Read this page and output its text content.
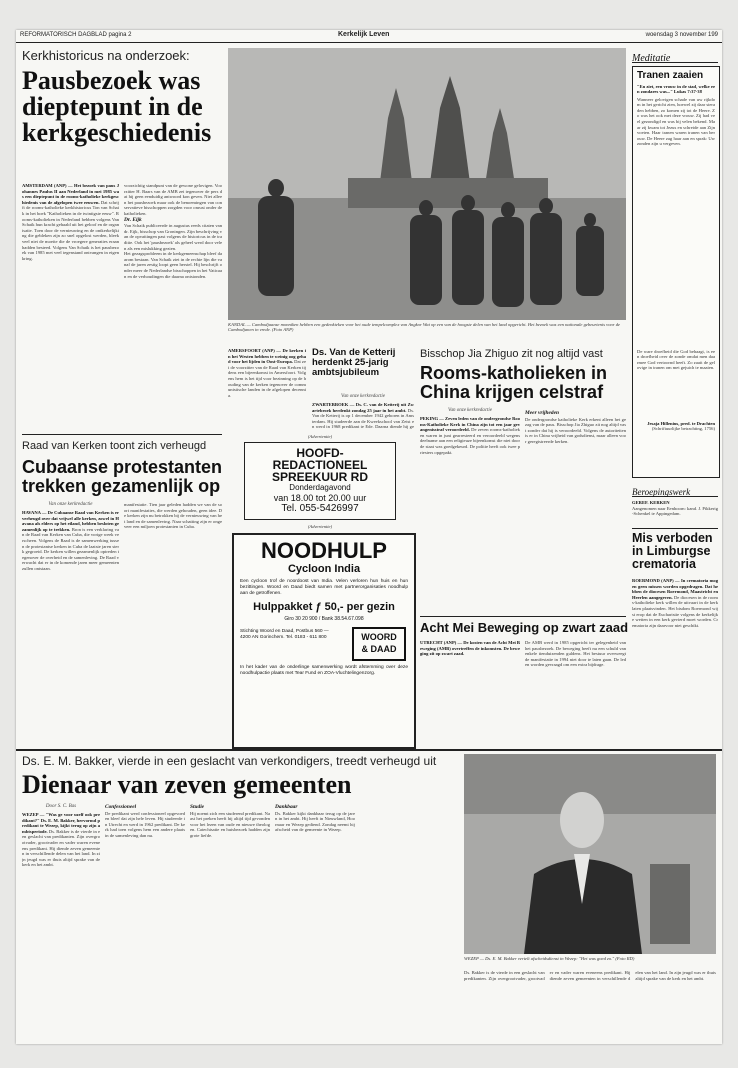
REFORMATORISCH DAGBLAD pagina 2	Kerkelijk Leven	woensdag 3 november 199
Kerkhistoricus na onderzoek:
Pausbezoek was dieptepunt in de kerkgeschiedenis
AMSTERDAM (ANP) — Het bezoek van paus Johannes Paulus II aan Nederland in mei 1985 was een dieptepunt in de rooms-katholieke kerkgeschiedenis van de afgelopen twee eeuwen. Dat schrijft de rooms-katholieke kerkhistoricus Ton van Schaik in het boek "Katholieken in de twintigste eeuw". Rooms-katholieken in Nederland hebben volgens Van Schaik hun kracht gehaald uit het geloof en de organisatie. Toen door de vernieuwing en de ontkerkelijking die gebleken zijn zo snel opgelost werden, bleek veel niet de moeite die de vroegere generaties eraan hadden besteed. Volgens Van Schaik is het pausbezoek van 1985 met veel tegenstand ontvangen in eigen kring.
voorzichtig standpunt van de gewone gelovigen. Voorzitter H. Baars van de AMB zei tegenover de pers dat hij geen eenduidig antwoord kon geven. Niet alleen het pausbezoek maar ook de benoemingen van conservatieve bisschoppen zorgden voor onrust onder de katholieken.
Dr. Eijk
Van Schaik publiceerde in augustus reeds citaten van dr. Eijk, bisschop van Groningen. Zijn beschrijving van de opvattingen past volgens de historicus in de traditie. Ook het 'pausbezoek' als geheel werd door velen als een mislukking gezien.
Het gezagsprobleem in de kerkgemeenschap bleef daarom bestaan. Van Schaik ziet in de rechte lijn die vanaf de jaren zestig loopt geen herstel. Hij beschrijft onder meer de Nederlandse bisschoppen in het Vaticaan en de verhoudingen die daarna ontstonden.
KANDAL — Cambodjaanse monniken hebben een gedenkteken voor het oude tempelcomplex van Angkor Wat op een van de hoogste delen van het land opgericht. Het bezoek was een nationale gebeurtenis voor de Cambodjanen in vrede. (Foto ANP)
AMERSFOORT (ANP) — De kerken in het Westen hebben te weinig oog gehad voor het lijden in Oost-Europa. Dat zei de voorzitter van de Raad van Kerken tijdens een bijeenkomst in Amersfoort. Volgens hem is het tijd voor bezinning op de houding van de kerken tegenover de communistische landen in de afgelopen decennia.
Ds. Van de Ketterij herdenkt 25-jarig ambtsjubileum
Van onze kerkredactie
ZWARTEBROEK — Ds. C. van de Ketterij uit Zwartebroek herdenkt zondag 25 jaar in het ambt. Ds. Van de Ketterij is op 1 december 1942 geboren in Amsterdam. Hij studeerde aan de Kweekschool van Zeist en werd in 1968 predikant te Ede. Daarna diende hij ge
Bisschop Jia Zhiguo zit nog altijd vast
Rooms-katholieken in China krijgen celstraf
Van onze kerkredactie
PEKING — Zeven leden van de ondergrondse Rooms-Katholieke Kerk in China zijn tot een jaar gevangenisstraf veroordeeld. De zeven rooms-katholieken waren in juni gearresteerd en veroordeeld wegens deelname aan een religieuze bijeenkomst die niet door de staat was goedgekeurd. De politie heeft ook twee priesters opgepakt.
Meer vrijheden
De ondergrondse katholieke Kerk erkent alleen het gezag van de paus. Bisschop Jia Zhiguo zit nog altijd vast zonder dat hij is veroordeeld. Volgens de autoriteiten is er in China vrijheid van godsdienst, maar alleen voor geregistreerde kerken.
Raad van Kerken toont zich verheugd
Cubaanse protestanten trekken gezamenlijk op
Van onze kerkredactie
HAVANA — De Cubaanse Raad van Kerken is er verheugd over dat vrijwel alle kerken, zowel in Havana als elders op het eiland, hebben besloten gezamenlijk op te trekken. Bron is een verklaring van de Raad van Kerken van Cuba, die vorige week verscheen. Volgens de Raad is de samenwerking tussen de protestantse kerken in Cuba de laatste jaren sterk gegroeid. De kerken willen gezamenlijk optreden tegenover de overheid en de samenleving. De Raad verwacht dat er in de komende jaren meer gemeenten zullen ontstaan.
manifestatie. Tien jaar geleden hadden we van de soort manifestaties, die werden gehouden, geen idee. De kerken zijn nu betrokken bij de vernieuwing van het land en de samenleving. Naar schatting zijn er ongeveer een miljoen protestanten in Cuba.
(Advertentie)
HOOFD-
REDACTIONEEL
SPREEKUUR RD
Donderdagavond
van 18.00 tot 20.00 uur
Tel. 055-5426997
(Advertentie)
NOODHULP
Cycloon India
Een cycloon trof de noordoost van India. Velen verloren hun huis en hun bezittingen. Woord en Daad biedt samen met partnerorganisaties noodhulp aan de getroffenen.
Hulppakket ƒ 50,- per gezin
Giro 30 20 900 / Bank 38.54.67.098
Stichting Woord en Daad, Postbus 560 — 4200 AN Gorinchem. Tel. 0183 - 611 800	WOORD
& DAAD
In het kader van de onderlinge samenwerking wordt afstemming over deze noodhulpactie plaats met Tear Fund en ZOA-Vluchtelingenzorg.
Acht Mei Beweging op zwart zaad
UTRECHT (ANP) — De kosten van de Acht Mei Beweging (AMB) overtreffen de inkomsten. De beweging zit op zwart zaad.
De AMB werd in 1985 opgericht ter gelegenheid van het pausbezoek. De beweging heeft nu een schuld van enkele tienduizenden guldens. Het bestuur overweegt de manifestatie in 1994 niet door te laten gaan. De leden worden gevraagd om een extra bijdrage.
Meditatie
Tranen zaaien
"En ziet, een vrouw in de stad, welke een zondares was..." Lukas 7:37-38
Wanneer gelovigen schade van uw rijkdom in het gericht zien, hoewel zij daar sieraden hebben, zo komen zij tot de Heere. Zo was het ook met deze vrouw. Zij had veel gezondigd en was bij velen bekend. Maar zij kwam tot Jezus en schreide aan Zijn voeten. Haar tranen waren tranen van berouw. De Heere zag haar aan en sprak: Uw zonden zijn u vergeven.
De ware droefheid die God behaagt, is een droefheid over de zonde omdat men daarmee God vertoornd heeft. Zo zaait de gelovige in tranen om met gejuich te maaien.
Jesaja Hillenius, pred. te Drachten
(Schriftuurlijke betrachting, 1756)
Beroepingswerk
GEREF. KERKEN
Aangenomen naar Eenhoorn: kand. J. Pikkerig-Schenkel te Appingedam.
Mis verboden in Limburgse crematoria
ROERMOND (ANP) — In crematoria mogen geen missen worden opgedragen. Dat hebben de diocesen Roermond, Maastricht en Heerlen aangegeven. De diocesen in de rooms-katholieke kerk willen de uitvaart in de kerk laten plaatsvinden. Het bisdom Roermond wijst erop dat de Eucharistie volgens de kerkelijke wetten in een kerk gevierd moet worden. Crematoria zijn daarvoor niet geschikt.
Ds. E. M. Bakker, vierde in een geslacht van verkondigers, treedt verheugd uit
Dienaar van zeven gemeenten
Door S. C. Bas
WEZEP — "Was ge voor uzelf ook predikant?" Ds. E. M. Bakker, hervormd predikant te Wezep, kijkt terug op zijn ambtsperiode. Ds. Bakker is de vierde in een geslacht van predikanten. Zijn overgrootvader, grootvader en vader waren eveneens predikant. Hij diende zeven gemeenten in verschillende delen van het land. In zijn jeugd was er thuis altijd sprake van de kerk en het ambt.
Confessioneel
De predikant werd confessioneel opgevoed en bleef dat zijn hele leven. Hij studeerde in Utrecht en werd in 1962 predikant. De kerk had toen volgens hem een andere plaats in de samenleving dan nu.
Studie
Hij noemt zich een studerend predikant. Naast het preken heeft hij altijd tijd gevonden voor het lezen van oude en nieuwe theologen. Catechisatie en huisbezoek hadden zijn grote liefde.
Dankbaar
Ds. Bakker kijkt dankbaar terug op de jaren in het ambt. Hij heeft in Nieuwland, Hoornaar en Wezep gediend. Zondag neemt hij afscheid van de gemeente in Wezep.
WEZEP — Ds. E. M. Bakker vertelt afscheidsdienst in Wezep: "Het was goed zo." (Foto RD)
Ds. Bakker is de vierde in een geslacht van predikanten. Zijn overgrootvader, grootvader en vader waren eveneens predikant. Hij diende zeven gemeenten in verschillende delen van het land. In zijn jeugd was er thuis altijd sprake van de kerk en het ambt.
